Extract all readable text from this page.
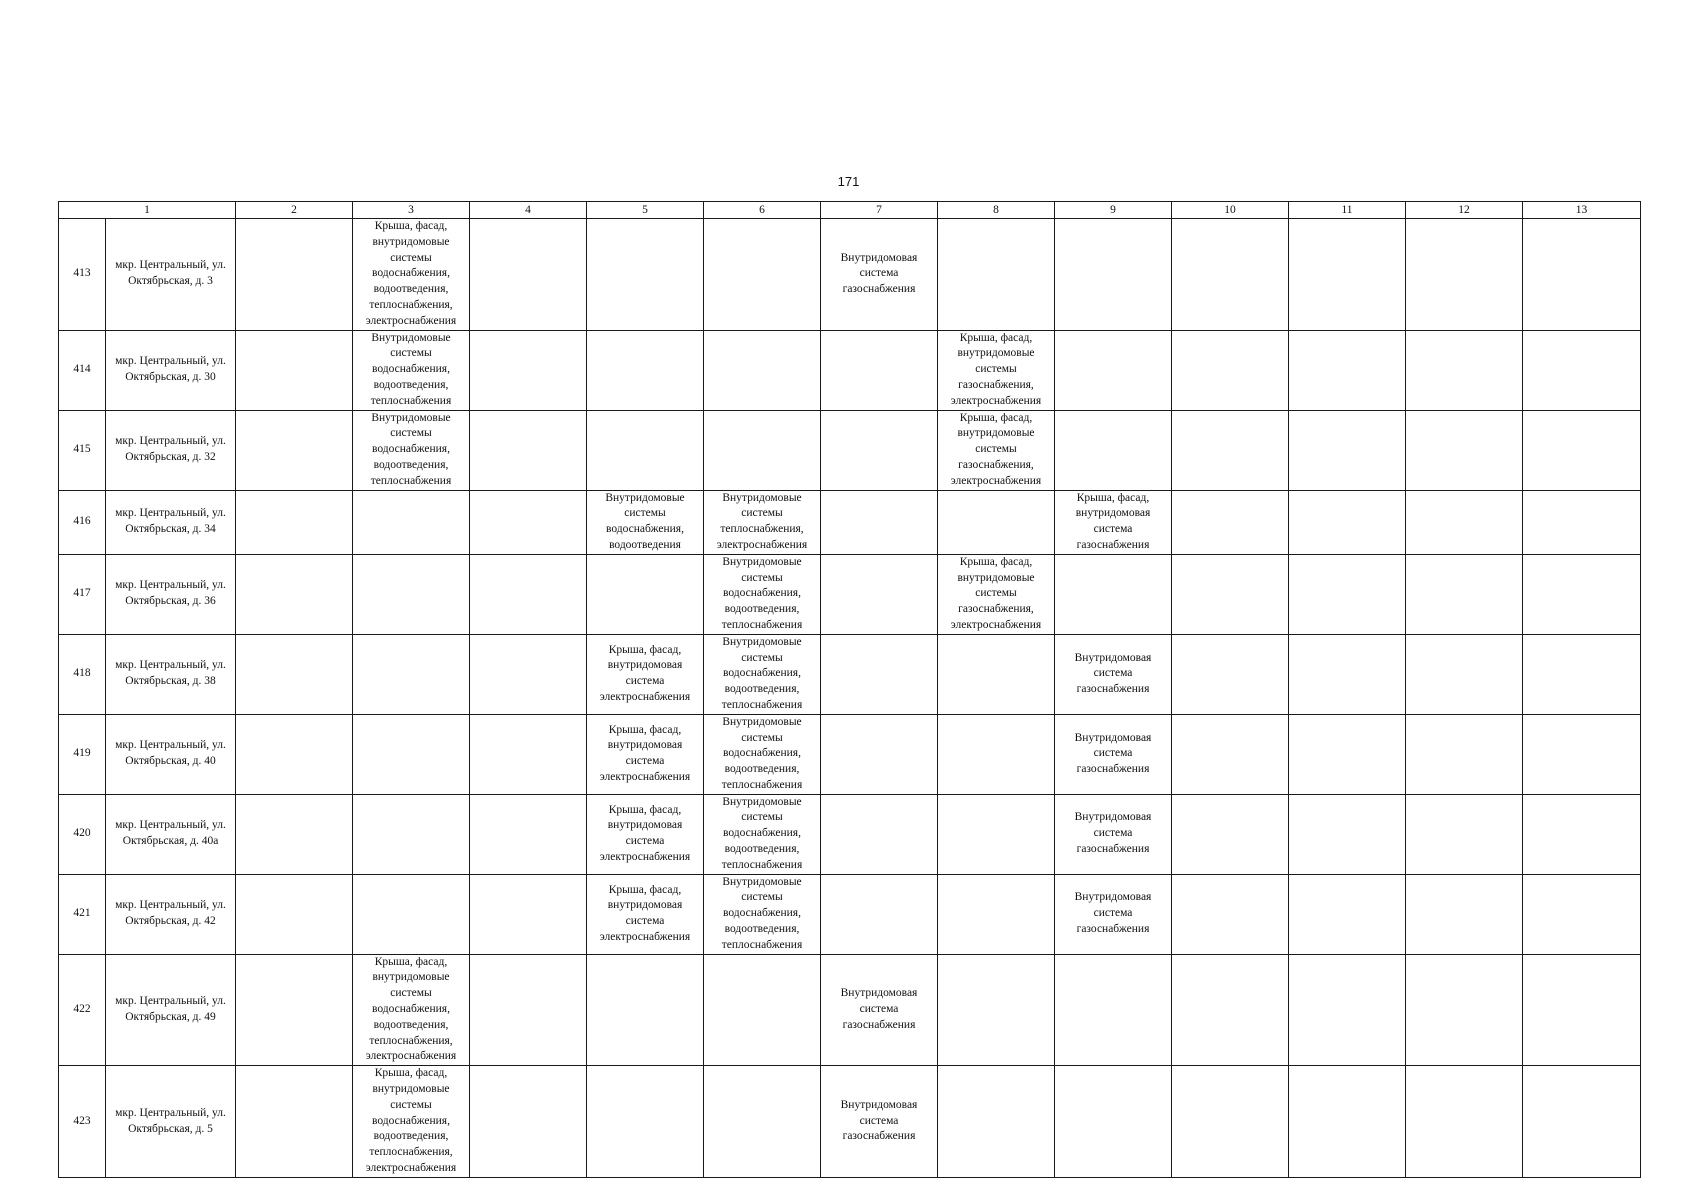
171
1		2	3	4	5	6	7	8	9	10	11	12	13

413	мкр. Центральный, ул. Октябрьская, д. 3		Крыша, фасад, внутридомовые системы водоснабжения, водоотведения, теплоснабжения, электроснабжения				Внутридомовая система газоснабжения						

414	мкр. Центральный, ул. Октябрьская, д. 30		Внутридомовые системы водоснабжения, водоотведения, теплоснабжения					Крыша, фасад, внутридомовые системы газоснабжения, электроснабжения					

415	мкр. Центральный, ул. Октябрьская, д. 32		Внутридомовые системы водоснабжения, водоотведения, теплоснабжения					Крыша, фасад, внутридомовые системы газоснабжения, электроснабжения					

416	мкр. Центральный, ул. Октябрьская, д. 34				Внутридомовые системы водоснабжения, водоотведения	Внутридомовые системы теплоснабжения, электроснабжения			Крыша, фасад, внутридомовая система газоснабжения				

417	мкр. Центральный, ул. Октябрьская, д. 36					Внутридомовые системы водоснабжения, водоотведения, теплоснабжения		Крыша, фасад, внутридомовые системы газоснабжения, электроснабжения					

418	мкр. Центральный, ул. Октябрьская, д. 38				Крыша, фасад, внутридомовая система электроснабжения	Внутридомовые системы водоснабжения, водоотведения, теплоснабжения			Внутридомовая система газоснабжения				

419	мкр. Центральный, ул. Октябрьская, д. 40				Крыша, фасад, внутридомовая система электроснабжения	Внутридомовые системы водоснабжения, водоотведения, теплоснабжения			Внутридомовая система газоснабжения				

420	мкр. Центральный, ул. Октябрьская, д. 40а				Крыша, фасад, внутридомовая система электроснабжения	Внутридомовые системы водоснабжения, водоотведения, теплоснабжения			Внутридомовая система газоснабжения				

421	мкр. Центральный, ул. Октябрьская, д. 42				Крыша, фасад, внутридомовая система электроснабжения	Внутридомовые системы водоснабжения, водоотведения, теплоснабжения			Внутридомовая система газоснабжения				

422	мкр. Центральный, ул. Октябрьская, д. 49		Крыша, фасад, внутридомовые системы водоснабжения, водоотведения, теплоснабжения, электроснабжения				Внутридомовая система газоснабжения						

423	мкр. Центральный, ул. Октябрьская, д. 5		Крыша, фасад, внутридомовые системы водоснабжения, водоотведения, теплоснабжения, электроснабжения				Внутридомовая система газоснабжения						
